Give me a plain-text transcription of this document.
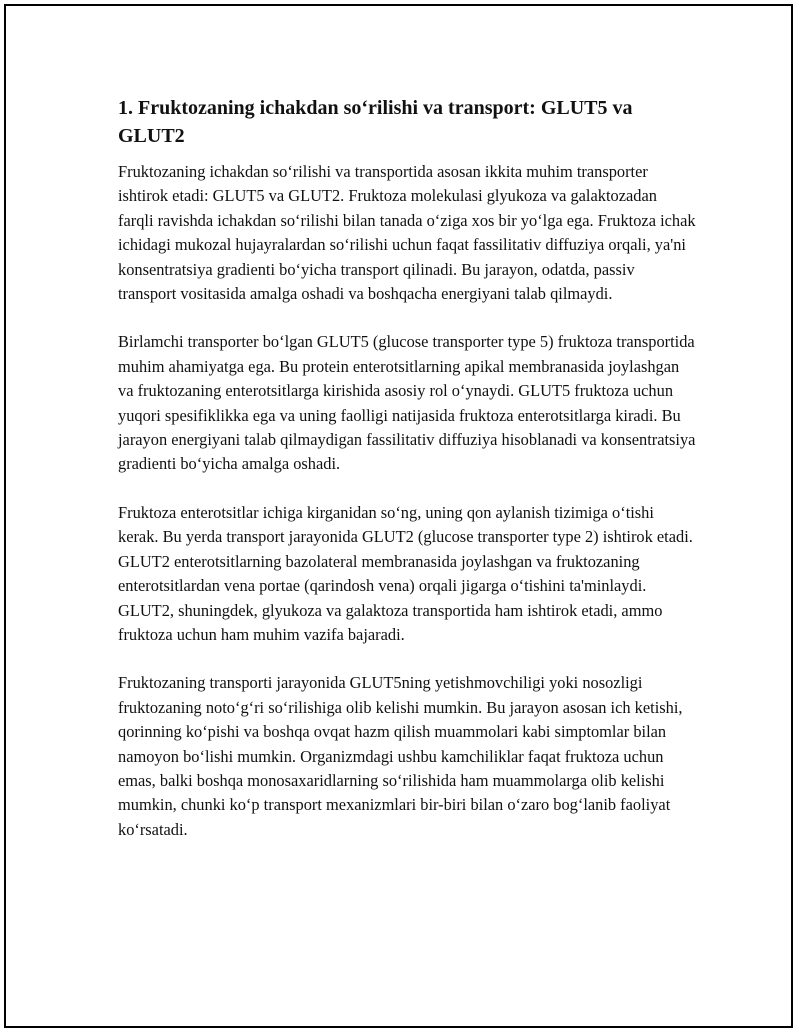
1. Fruktozaning ichakdan so‘rilishi va transport: GLUT5 va GLUT2

Fruktozaning ichakdan so‘rilishi va transportida asosan ikkita muhim transporter ishtirok etadi: GLUT5 va GLUT2. Fruktoza molekulasi glyukoza va galaktozadan farqli ravishda ichakdan so‘rilishi bilan tanada o‘ziga xos bir yo‘lga ega. Fruktoza ichak ichidagi mukozal hujayralardan so‘rilishi uchun faqat fassilitativ diffuziya orqali, ya'ni konsentratsiya gradienti bo‘yicha transport qilinadi. Bu jarayon, odatda, passiv transport vositasida amalga oshadi va boshqacha energiyani talab qilmaydi.

Birlamchi transporter bo‘lgan GLUT5 (glucose transporter type 5) fruktoza transportida muhim ahamiyatga ega. Bu protein enterotsitlarning apikal membranasida joylashgan va fruktozaning enterotsitlarga kirishida asosiy rol o‘ynaydi. GLUT5 fruktoza uchun yuqori spesifiklikka ega va uning faolligi natijasida fruktoza enterotsitlarga kiradi. Bu jarayon energiyani talab qilmaydigan fassilitativ diffuziya hisoblanadi va konsentratsiya gradienti bo‘yicha amalga oshadi.

Fruktoza enterotsitlar ichiga kirganidan so‘ng, uning qon aylanish tizimiga o‘tishi kerak. Bu yerda transport jarayonida GLUT2 (glucose transporter type 2) ishtirok etadi. GLUT2 enterotsitlarning bazolateral membranasida joylashgan va fruktozaning enterotsitlardan vena portae (qarindosh vena) orqali jigarga o‘tishini ta'minlaydi. GLUT2, shuningdek, glyukoza va galaktoza transportida ham ishtirok etadi, ammo fruktoza uchun ham muhim vazifa bajaradi.

Fruktozaning transporti jarayonida GLUT5ning yetishmovchiligi yoki nosozligi fruktozaning noto‘g‘ri so‘rilishiga olib kelishi mumkin. Bu jarayon asosan ich ketishi, qorinning ko‘pishi va boshqa ovqat hazm qilish muammolari kabi simptomlar bilan namoyon bo‘lishi mumkin. Organizmdagi ushbu kamchiliklar faqat fruktoza uchun emas, balki boshqa monosaxaridlarning so‘rilishida ham muammolarga olib kelishi mumkin, chunki ko‘p transport mexanizmlari bir-biri bilan o‘zaro bog‘lanib faoliyat ko‘rsatadi.
